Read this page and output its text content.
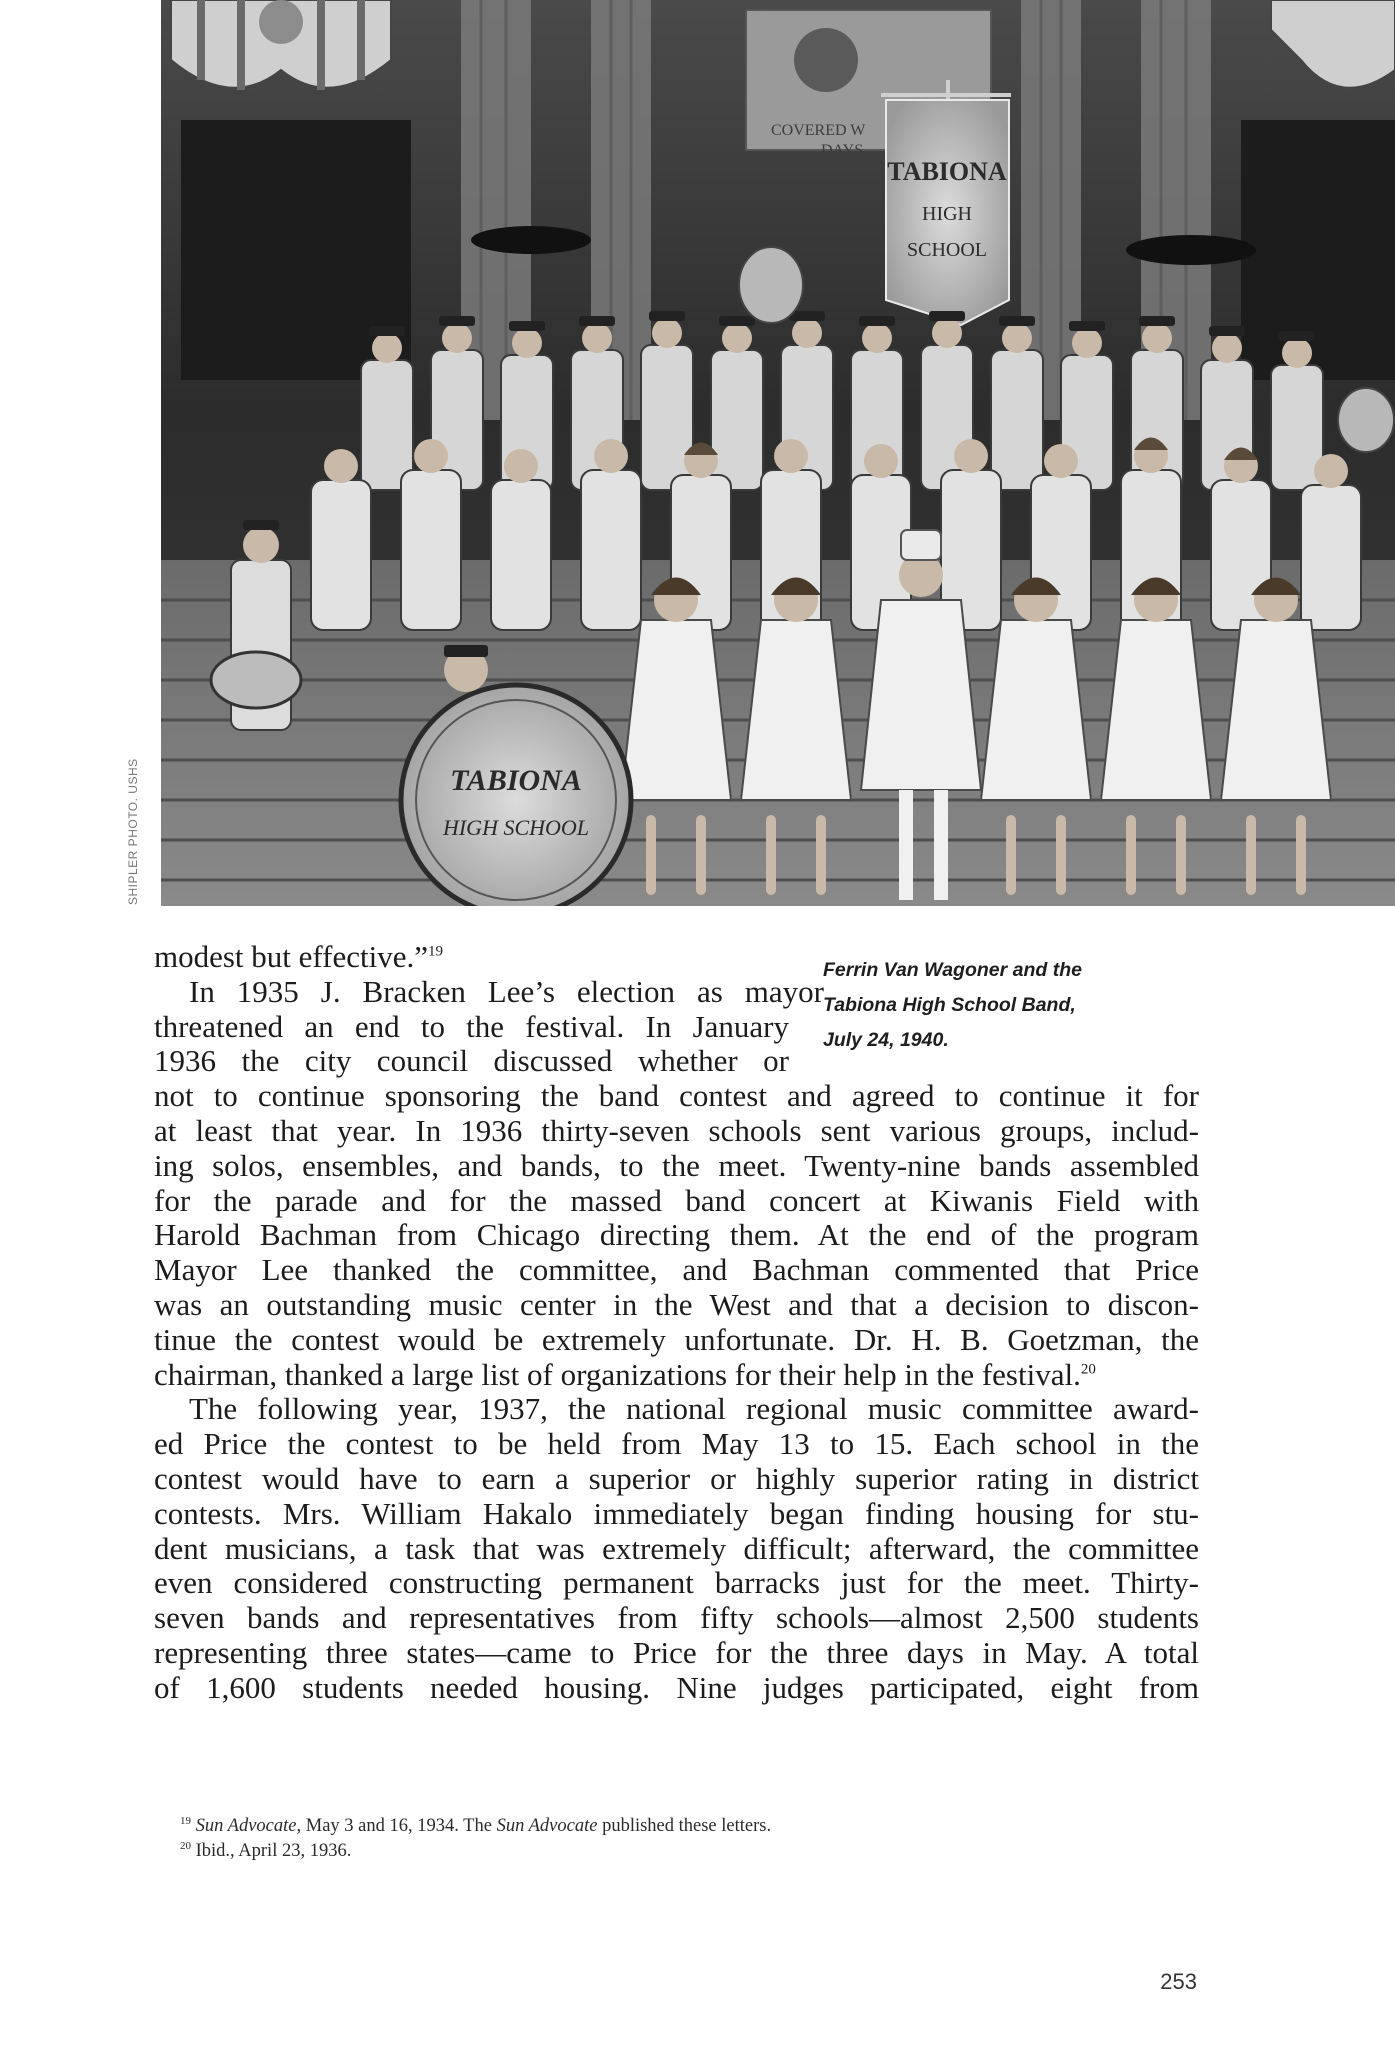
COVERED W
DAYS
TABIONA
HIGH
SCHOOL
TABIONA
HIGH SCHOOL
SHIPLER PHOTO. USHS
Ferrin Van Wagoner and the
Tabiona High School Band,
July 24, 1940.
modest but effective.”$^{19}$
In 1935 J. Bracken Lee’s election as mayor
threatened an end to the festival. In January
1936 the city council discussed whether or
not to continue sponsoring the band contest and agreed to continue it for
at least that year. In 1936 thirty-seven schools sent various groups, includ-
ing solos, ensembles, and bands, to the meet. Twenty-nine bands assembled
for the parade and for the massed band concert at Kiwanis Field with
Harold Bachman from Chicago directing them. At the end of the program
Mayor Lee thanked the committee, and Bachman commented that Price
was an outstanding music center in the West and that a decision to discon-
tinue the contest would be extremely unfortunate. Dr. H. B. Goetzman, the
chairman, thanked a large list of organizations for their help in the festival.$^{20}$
The following year, 1937, the national regional music committee award-
ed Price the contest to be held from May 13 to 15. Each school in the
contest would have to earn a superior or highly superior rating in district
contests. Mrs. William Hakalo immediately began finding housing for stu-
dent musicians, a task that was extremely difficult; afterward, the committee
even considered constructing permanent barracks just for the meet. Thirty-
seven bands and representatives from fifty schools—almost 2,500 students
representing three states—came to Price for the three days in May. A total
of 1,600 students needed housing. Nine judges participated, eight from
$^{19}$ Sun Advocate, May 3 and 16, 1934. The Sun Advocate published these letters.
$^{20}$ Ibid., April 23, 1936.
253
